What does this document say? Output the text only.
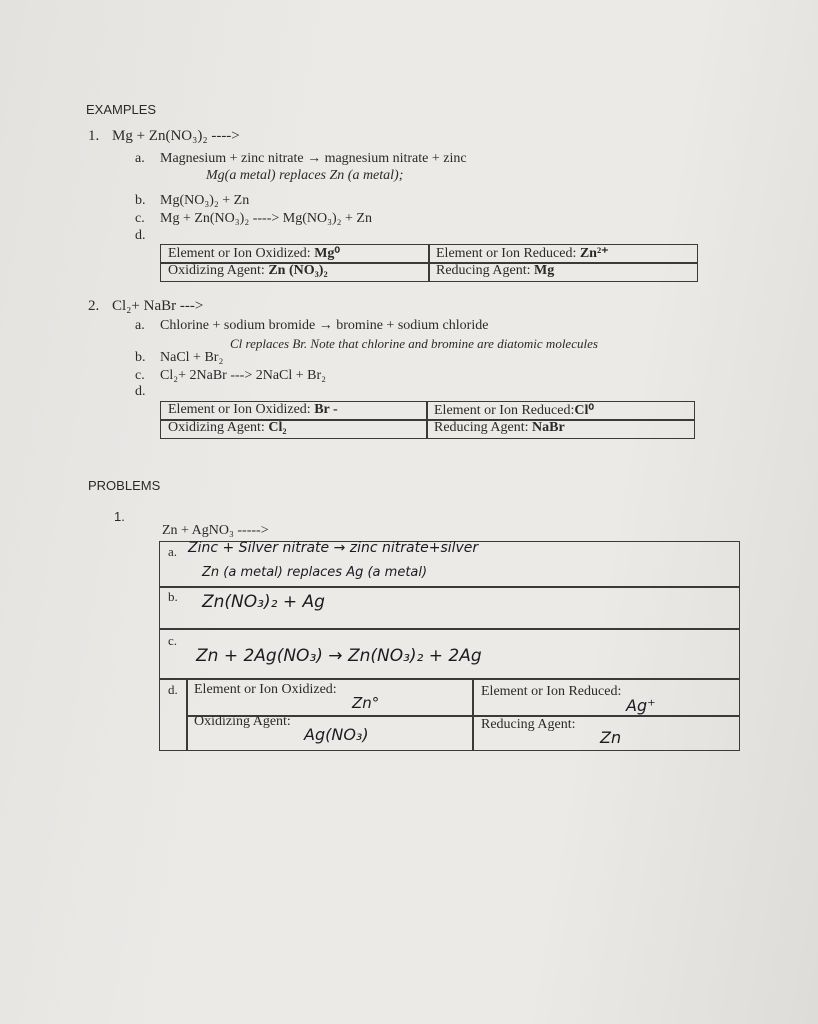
EXAMPLES
1. Mg + Zn(NO₃)₂ ---->
a. Magnesium + zinc nitrate → magnesium nitrate + zinc
Mg(a metal) replaces Zn (a metal);
b. Mg(NO₃)₂ + Zn
c. Mg + Zn(NO₃)₂ ----> Mg(NO₃)₂ + Zn
d.
Element or Ion Oxidized: Mg⁰	Element or Ion Reduced: Zn²⁺
Oxidizing Agent: Zn (NO₃)₂	Reducing Agent: Mg
2. Cl₂+ NaBr --->
a. Chlorine + sodium bromide → bromine + sodium chloride
Cl replaces Br. Note that chlorine and bromine are diatomic molecules
b. NaCl + Br₂
c. Cl₂+ 2NaBr ---> 2NaCl + Br₂
d.
Element or Ion Oxidized: Br -	Element or Ion Reduced:Cl⁰
Oxidizing Agent: Cl₂	Reducing Agent: NaBr
PROBLEMS
1.
Zn + AgNO₃ ----->
a. Zinc + Silver nitrate → zinc nitrate+silver
Zn (a metal) replaces Ag (a metal)
b. Zn(NO₃)₂ + Ag
c.
Zn + 2Ag(NO₃) → Zn(NO₃)₂ + 2Ag
d. Element or Ion Oxidized:
Zn°
Element or Ion Reduced:
Ag⁺
Oxidizing Agent:
Ag(NO₃)
Reducing Agent:
Zn
